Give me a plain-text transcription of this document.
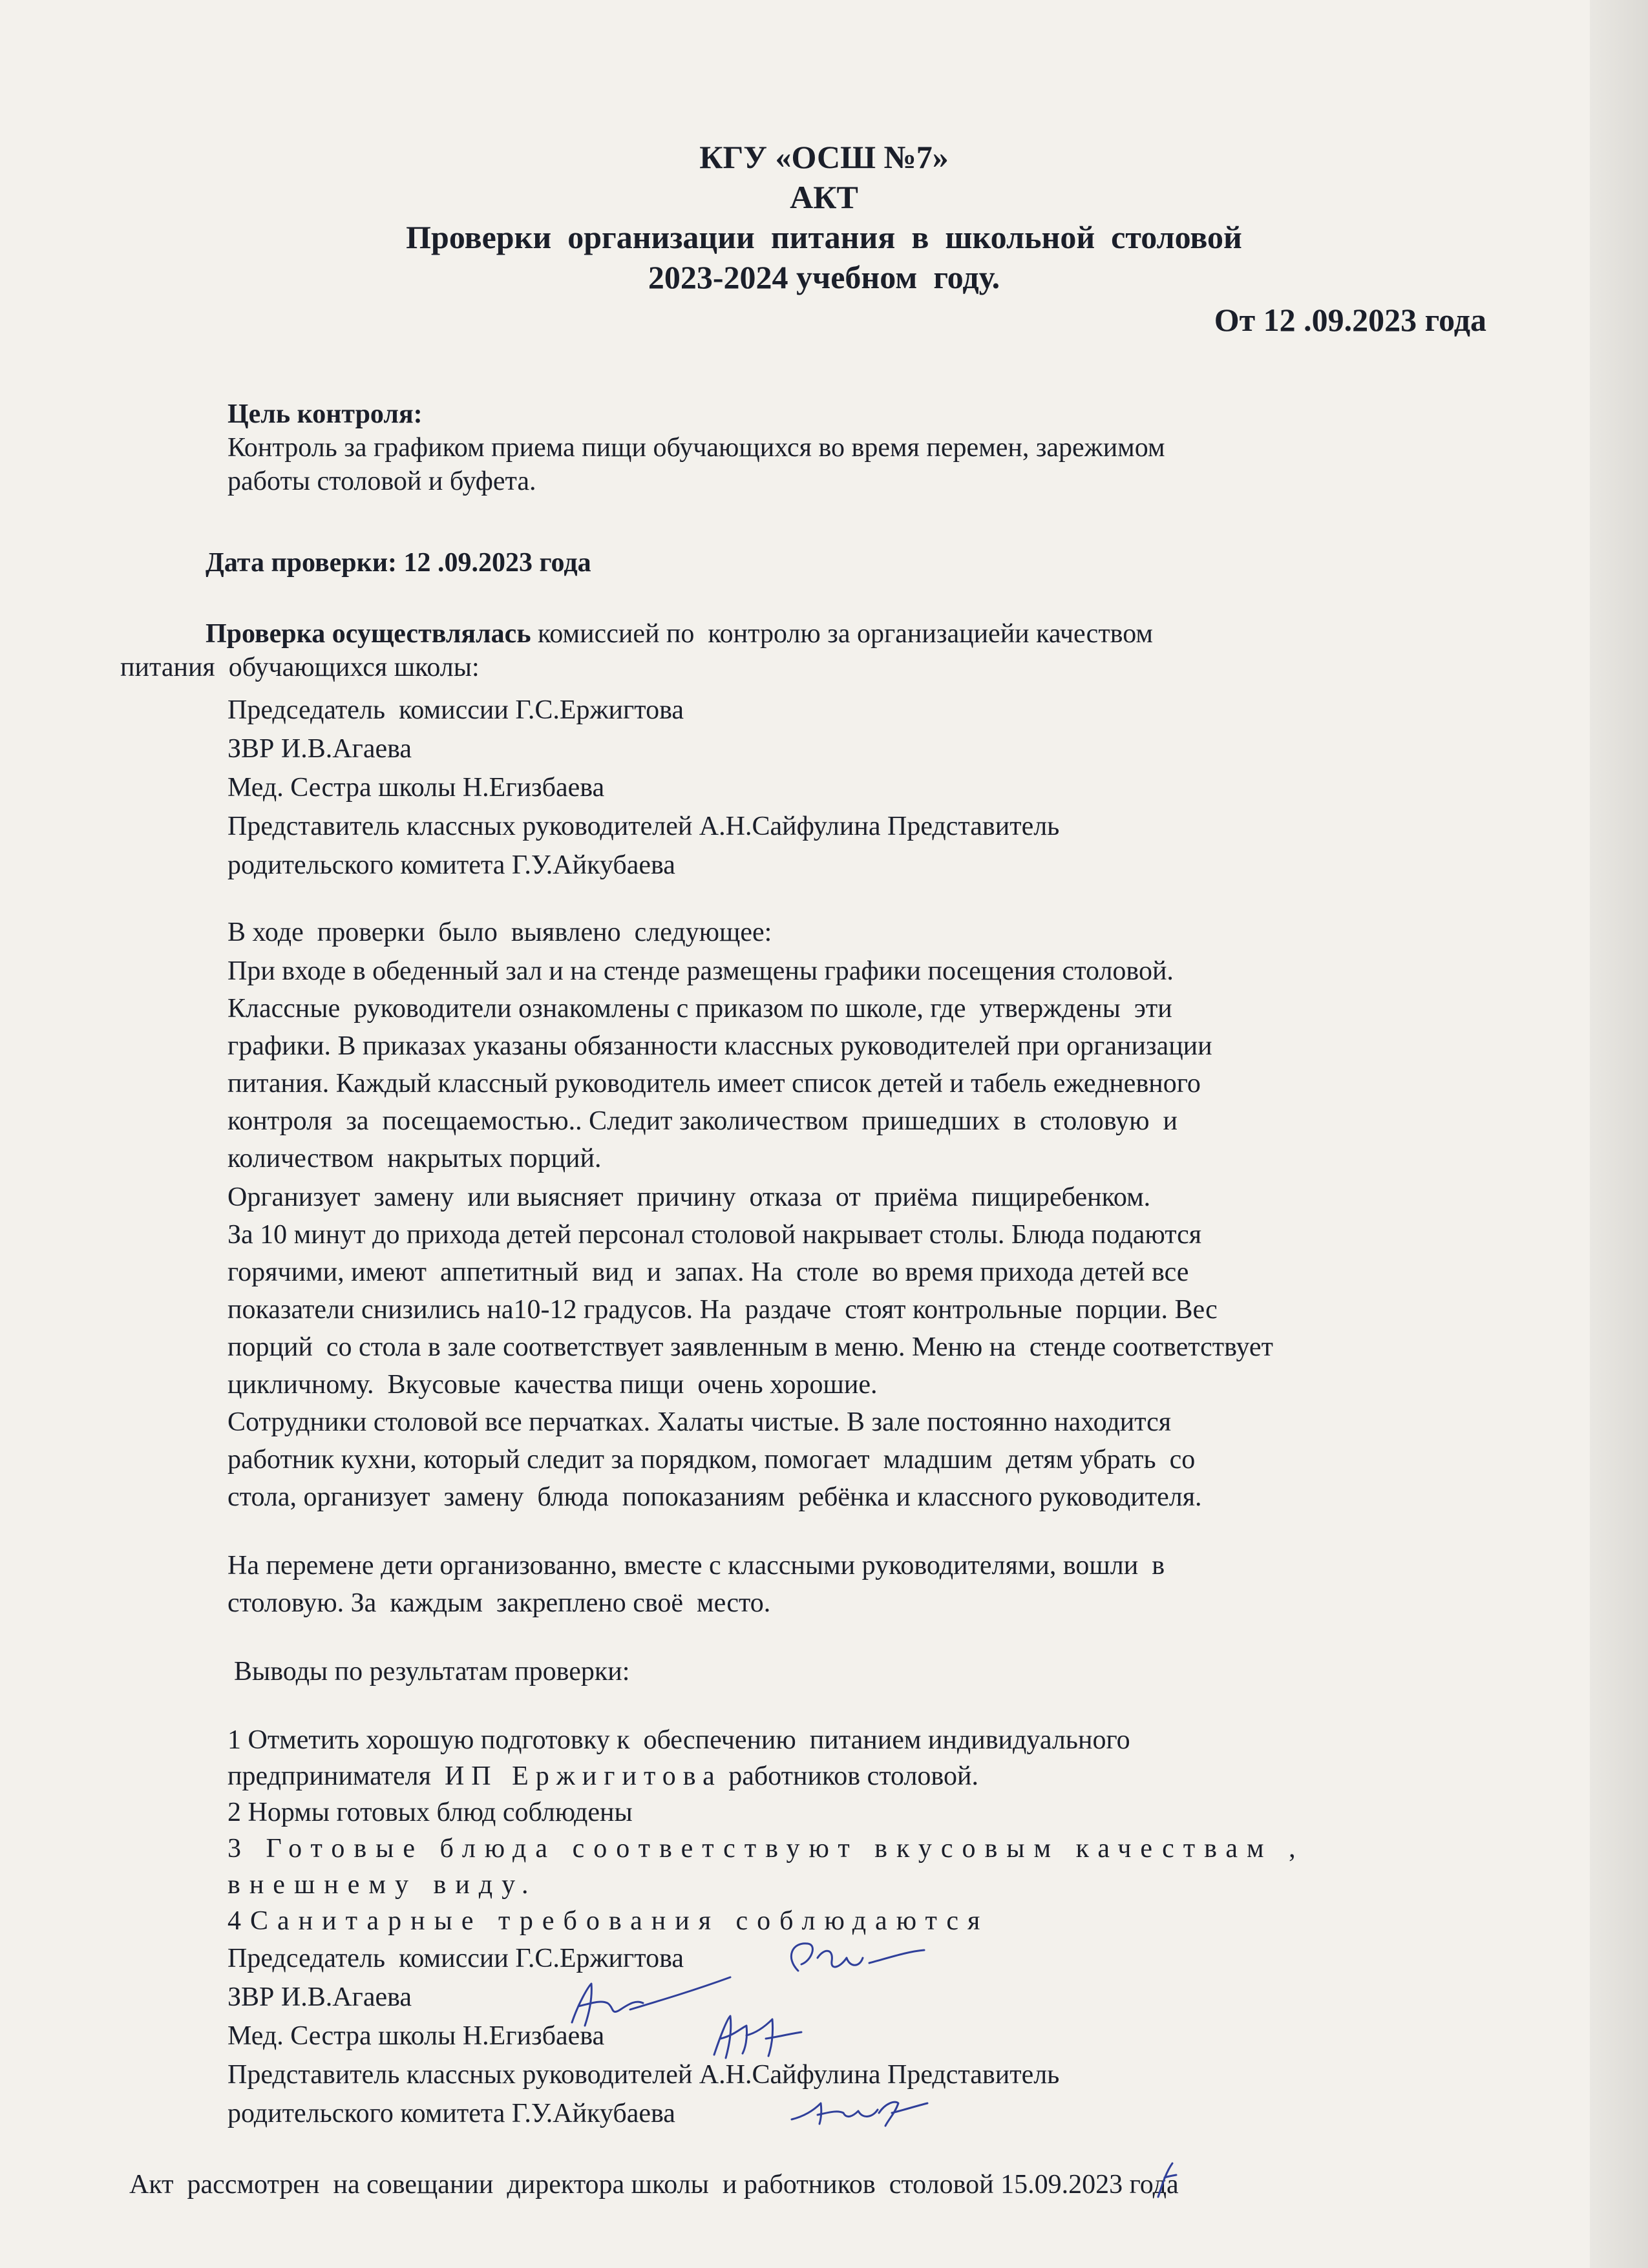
КГУ «ОСШ №7»
АКТ
Проверки  организации  питания  в  школьной  столовой
2023-2024 учебном  году.
От 12 .09.2023 года
Цель контроля:
Контроль за графиком приема пищи обучающихся во время перемен, зарежимом
работы столовой и буфета.
Дата проверки: 12 .09.2023 года
Проверка осуществлялась комиссией по  контролю за организациейи качеством
питания  обучающихся школы:
Председатель  комиссии Г.С.Ержигтова
ЗВР И.В.Агаева
Мед. Сестра школы Н.Егизбаева
Представитель классных руководителей А.Н.Сайфулина Представитель
родительского комитета Г.У.Айкубаева
В ходе  проверки  было  выявлено  следующее:
При входе в обеденный зал и на стенде размещены графики посещения столовой.
Классные  руководители ознакомлены с приказом по школе, где  утверждены  эти
графики. В приказах указаны обязанности классных руководителей при организации
питания. Каждый классный руководитель имеет список детей и табель ежедневного
контроля  за  посещаемостью.. Следит заколичеством  пришедших  в  столовую  и
количеством  накрытых порций.
Организует  замену  или выясняет  причину  отказа  от  приёма  пищиребенком.
За 10 минут до прихода детей персонал столовой накрывает столы. Блюда подаются
горячими, имеют  аппетитный  вид  и  запах. На  столе  во время прихода детей все
показатели снизились на10-12 градусов. На  раздаче  стоят контрольные  порции. Вес
порций  со стола в зале соответствует заявленным в меню. Меню на  стенде соответствует
цикличному.  Вкусовые  качества пищи  очень хорошие.
Сотрудники столовой все перчатках. Халаты чистые. В зале постоянно находится
работник кухни, который следит за порядком, помогает  младшим  детям убрать  со
стола, организует  замену  блюда  попоказаниям  ребёнка и классного руководителя.
На перемене дети организованно, вместе с классными руководителями, вошли  в
столовую. За  каждым  закреплено своё  место.
Выводы по результатам проверки:
1 Отметить хорошую подготовку к  обеспечению  питанием индивидуального
предпринимателя  ИП Ержигитова работников столовой.
2 Нормы готовых блюд соблюдены
3 Готовые блюда соответствуют вкусовым качествам ,
внешнему виду.
4Санитарные требования соблюдаются
Председатель  комиссии Г.С.Ержигтова
ЗВР И.В.Агаева
Мед. Сестра школы Н.Егизбаева
Представитель классных руководителей А.Н.Сайфулина Представитель
родительского комитета Г.У.Айкубаева
Акт  рассмотрен  на совещании  директора школы  и работников  столовой 15.09.2023 года
